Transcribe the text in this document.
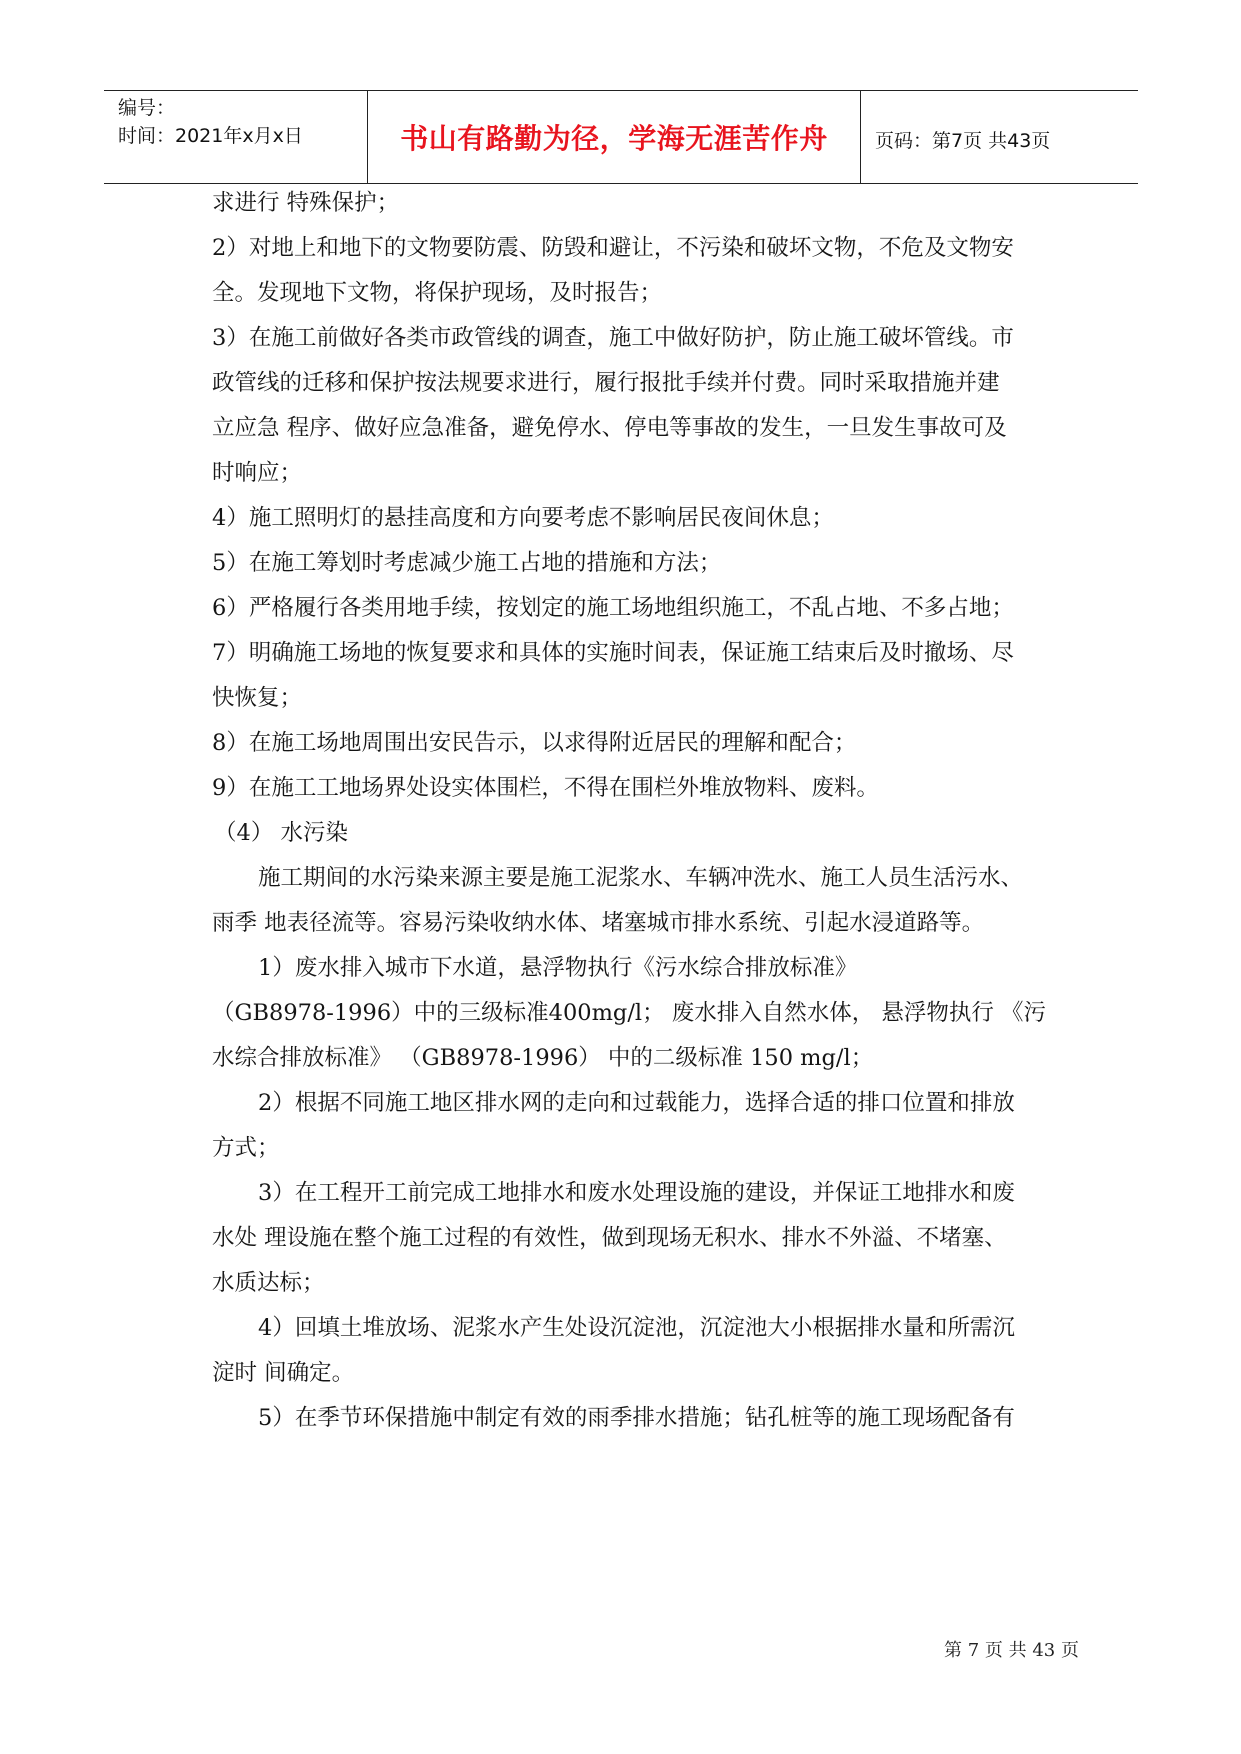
编号：
时间：2021年x月x日	书山有路勤为径，学海无涯苦作舟 页码：第7页 共43页
求进行 特殊保护；
2）对地上和地下的文物要防震、防毁和避让，不污染和破坏文物，不危及文物安
全。发现地下文物，将保护现场，及时报告；
3）在施工前做好各类市政管线的调查，施工中做好防护，防止施工破坏管线。市
政管线的迁移和保护按法规要求进行，履行报批手续并付费。同时采取措施并建
立应急 程序、做好应急准备，避免停水、停电等事故的发生，一旦发生事故可及
时响应；
4）施工照明灯的悬挂高度和方向要考虑不影响居民夜间休息；
5）在施工筹划时考虑减少施工占地的措施和方法；
6）严格履行各类用地手续，按划定的施工场地组织施工，不乱占地、不多占地；
7）明确施工场地的恢复要求和具体的实施时间表，保证施工结束后及时撤场、尽
快恢复；
8）在施工场地周围出安民告示，以求得附近居民的理解和配合；
9）在施工工地场界处设实体围栏，不得在围栏外堆放物料、废料。
（4） 水污染
施工期间的水污染来源主要是施工泥浆水、车辆冲洗水、施工人员生活污水、
雨季 地表径流等。容易污染收纳水体、堵塞城市排水系统、引起水浸道路等。
1）废水排入城市下水道，悬浮物执行《污水综合排放标准》
（GB8978-1996）中的三级标准400mg/l； 废水排入自然水体， 悬浮物执行 《污
水综合排放标准》 （GB8978-1996） 中的二级标准 150 mg/l；
2）根据不同施工地区排水网的走向和过载能力，选择合适的排口位置和排放
方式；
3）在工程开工前完成工地排水和废水处理设施的建设，并保证工地排水和废
水处 理设施在整个施工过程的有效性，做到现场无积水、排水不外溢、不堵塞、
水质达标；
4）回填土堆放场、泥浆水产生处设沉淀池，沉淀池大小根据排水量和所需沉
淀时 间确定。
5）在季节环保措施中制定有效的雨季排水措施；钻孔桩等的施工现场配备有
第 7 页 共 43 页
